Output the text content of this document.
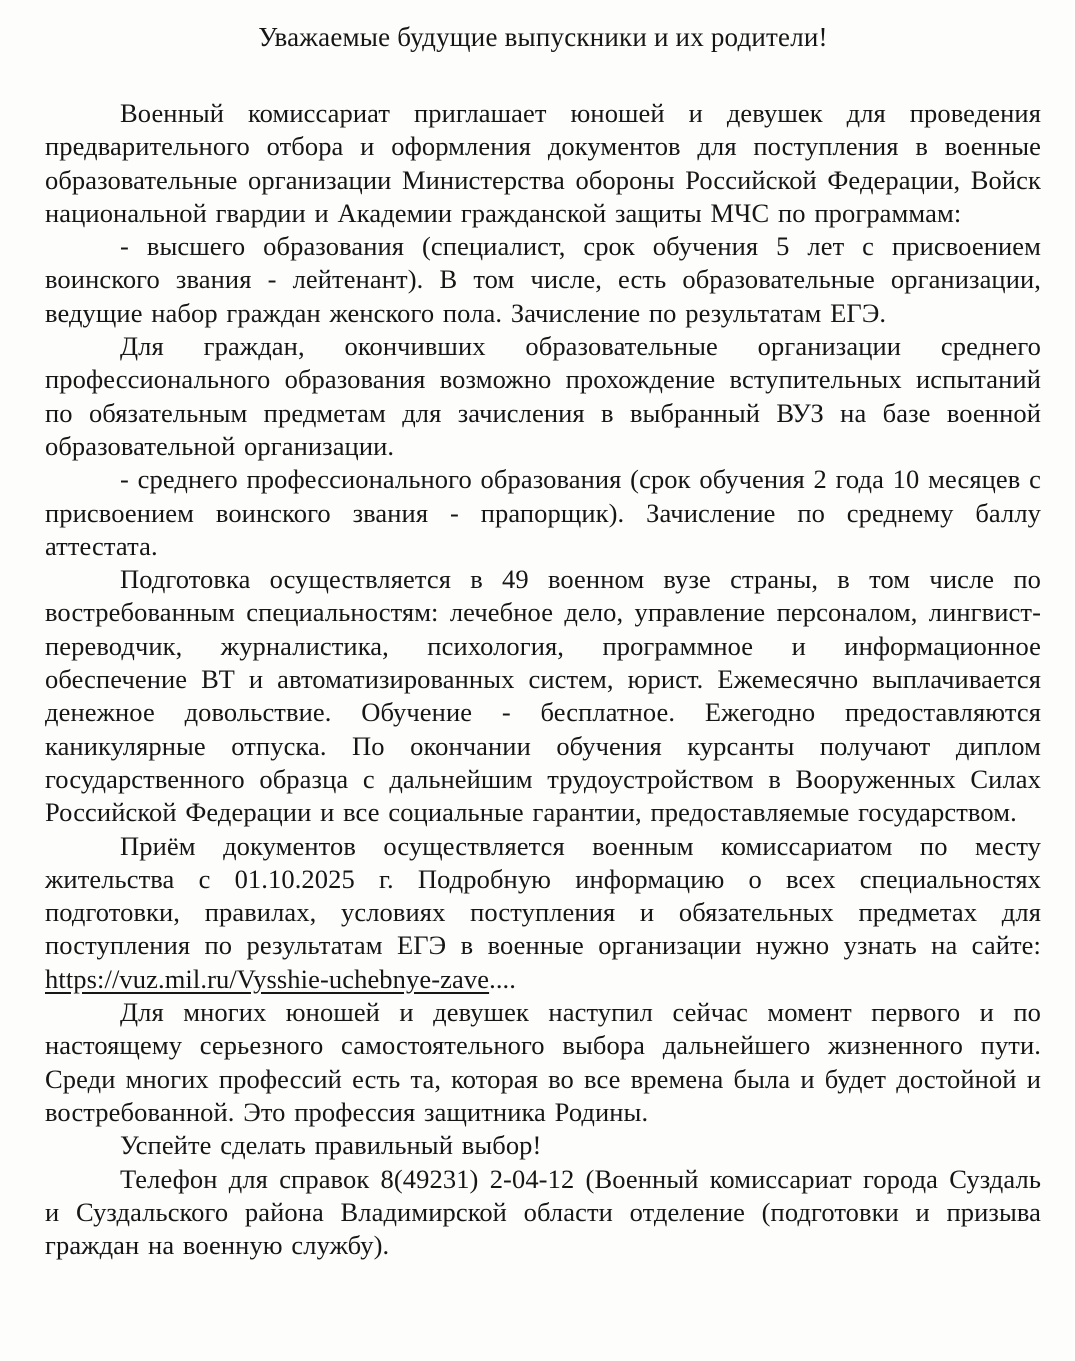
Уважаемые будущие выпускники и их родители!

Военный комиссариат приглашает юношей и девушек для проведения предварительного отбора и оформления документов для поступления в военные образовательные организации Министерства обороны Российской Федерации, Войск национальной гвардии и Академии гражданской защиты МЧС по программам:

- высшего образования (специалист, срок обучения 5 лет с присвоением воинского звания - лейтенант). В том числе, есть образовательные организации, ведущие набор граждан женского пола. Зачисление по результатам ЕГЭ.

Для граждан, окончивших образовательные организации среднего профессионального образования возможно прохождение вступительных испытаний по обязательным предметам для зачисления в выбранный ВУЗ на базе военной образовательной организации.

- среднего профессионального образования (срок обучения 2 года 10 месяцев с присвоением воинского звания - прапорщик). Зачисление по среднему баллу аттестата.

Подготовка осуществляется в 49 военном вузе страны, в том числе по востребованным специальностям: лечебное дело, управление персоналом, лингвист-переводчик, журналистика, психология, программное и информационное обеспечение ВТ и автоматизированных систем, юрист. Ежемесячно выплачивается денежное довольствие. Обучение - бесплатное. Ежегодно предоставляются каникулярные отпуска. По окончании обучения курсанты получают диплом государственного образца с дальнейшим трудоустройством в Вооруженных Силах Российской Федерации и все социальные гарантии, предоставляемые государством.

Приём документов осуществляется военным комиссариатом по месту жительства с 01.10.2025 г. Подробную информацию о всех специальностях подготовки, правилах, условиях поступления и обязательных предметах для поступления по результатам ЕГЭ в военные организации нужно узнать на сайте: https://vuz.mil.ru/Vysshie-uchebnye-zave....

Для многих юношей и девушек наступил сейчас момент первого и по настоящему серьезного самостоятельного выбора дальнейшего жизненного пути. Среди многих профессий есть та, которая во все времена была и будет достойной и востребованной. Это профессия защитника Родины.

Успейте сделать правильный выбор!

Телефон для справок 8(49231) 2-04-12 (Военный комиссариат города Суздаль и Суздальского района Владимирской области отделение (подготовки и призыва граждан на военную службу).
